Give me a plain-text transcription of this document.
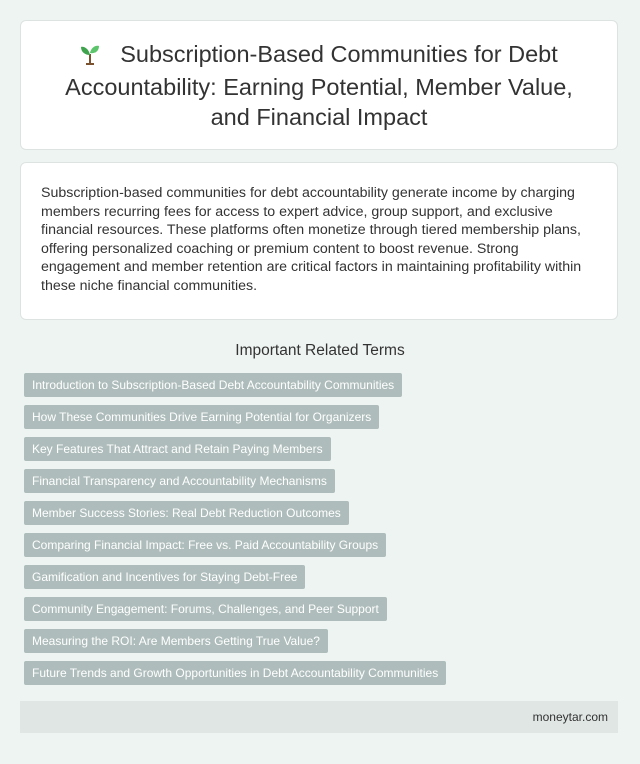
Subscription-Based Communities for Debt Accountability: Earning Potential, Member Value, and Financial Impact

Subscription-based communities for debt accountability generate income by charging members recurring fees for access to expert advice, group support, and exclusive financial resources. These platforms often monetize through tiered membership plans, offering personalized coaching or premium content to boost revenue. Strong engagement and member retention are critical factors in maintaining profitability within these niche financial communities.

Important Related Terms
Introduction to Subscription-Based Debt Accountability Communities
How These Communities Drive Earning Potential for Organizers
Key Features That Attract and Retain Paying Members
Financial Transparency and Accountability Mechanisms
Member Success Stories: Real Debt Reduction Outcomes
Comparing Financial Impact: Free vs. Paid Accountability Groups
Gamification and Incentives for Staying Debt-Free
Community Engagement: Forums, Challenges, and Peer Support
Measuring the ROI: Are Members Getting True Value?
Future Trends and Growth Opportunities in Debt Accountability Communities
moneytar.com
